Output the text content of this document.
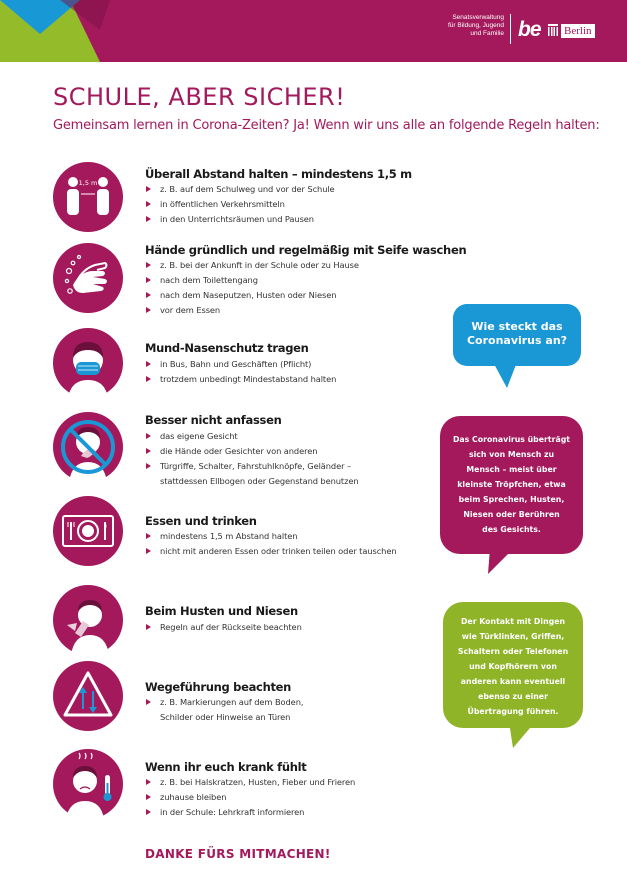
Senatsverwaltung
für Bildung, Jugend
und Familie be Berlin
SCHULE, ABER SICHER!
Gemeinsam lernen in Corona-Zeiten? Ja! Wenn wir uns alle an folgende Regeln halten:
1,5 m
Überall Abstand halten – mindestens 1,5 m
z. B. auf dem Schulweg und vor der Schule
in öffentlichen Verkehrsmitteln
in den Unterrichtsräumen und Pausen
Hände gründlich und regelmäßig mit Seife waschen
z. B. bei der Ankunft in der Schule oder zu Hause
nach dem Toilettengang
nach dem Naseputzen, Husten oder Niesen
vor dem Essen
Mund-Nasenschutz tragen
in Bus, Bahn und Geschäften (Pflicht)
trotzdem unbedingt Mindestabstand halten
Besser nicht anfassen
das eigene Gesicht
die Hände oder Gesichter von anderen
Türgriffe, Schalter, Fahrstuhlknöpfe, Geländer –
stattdessen Ellbogen oder Gegenstand benutzen
Essen und trinken
mindestens 1,5 m Abstand halten
nicht mit anderen Essen oder trinken teilen oder tauschen
Beim Husten und Niesen
Regeln auf der Rückseite beachten
Wegeführung beachten
z. B. Markierungen auf dem Boden,
Schilder oder Hinweise an Türen
Wenn ihr euch krank fühlt
z. B. bei Halskratzen, Husten, Fieber und Frieren
zuhause bleiben
in der Schule: Lehrkraft informieren
Wie steckt das
Coronavirus an?
Das Coronavirus überträgt
sich von Mensch zu
Mensch – meist über
kleinste Tröpfchen, etwa
beim Sprechen, Husten,
Niesen oder Berühren
des Gesichts.
Der Kontakt mit Dingen
wie Türklinken, Griffen,
Schaltern oder Telefonen
und Kopfhörern von
anderen kann eventuell
ebenso zu einer
Übertragung führen.
DANKE FÜRS MITMACHEN!
